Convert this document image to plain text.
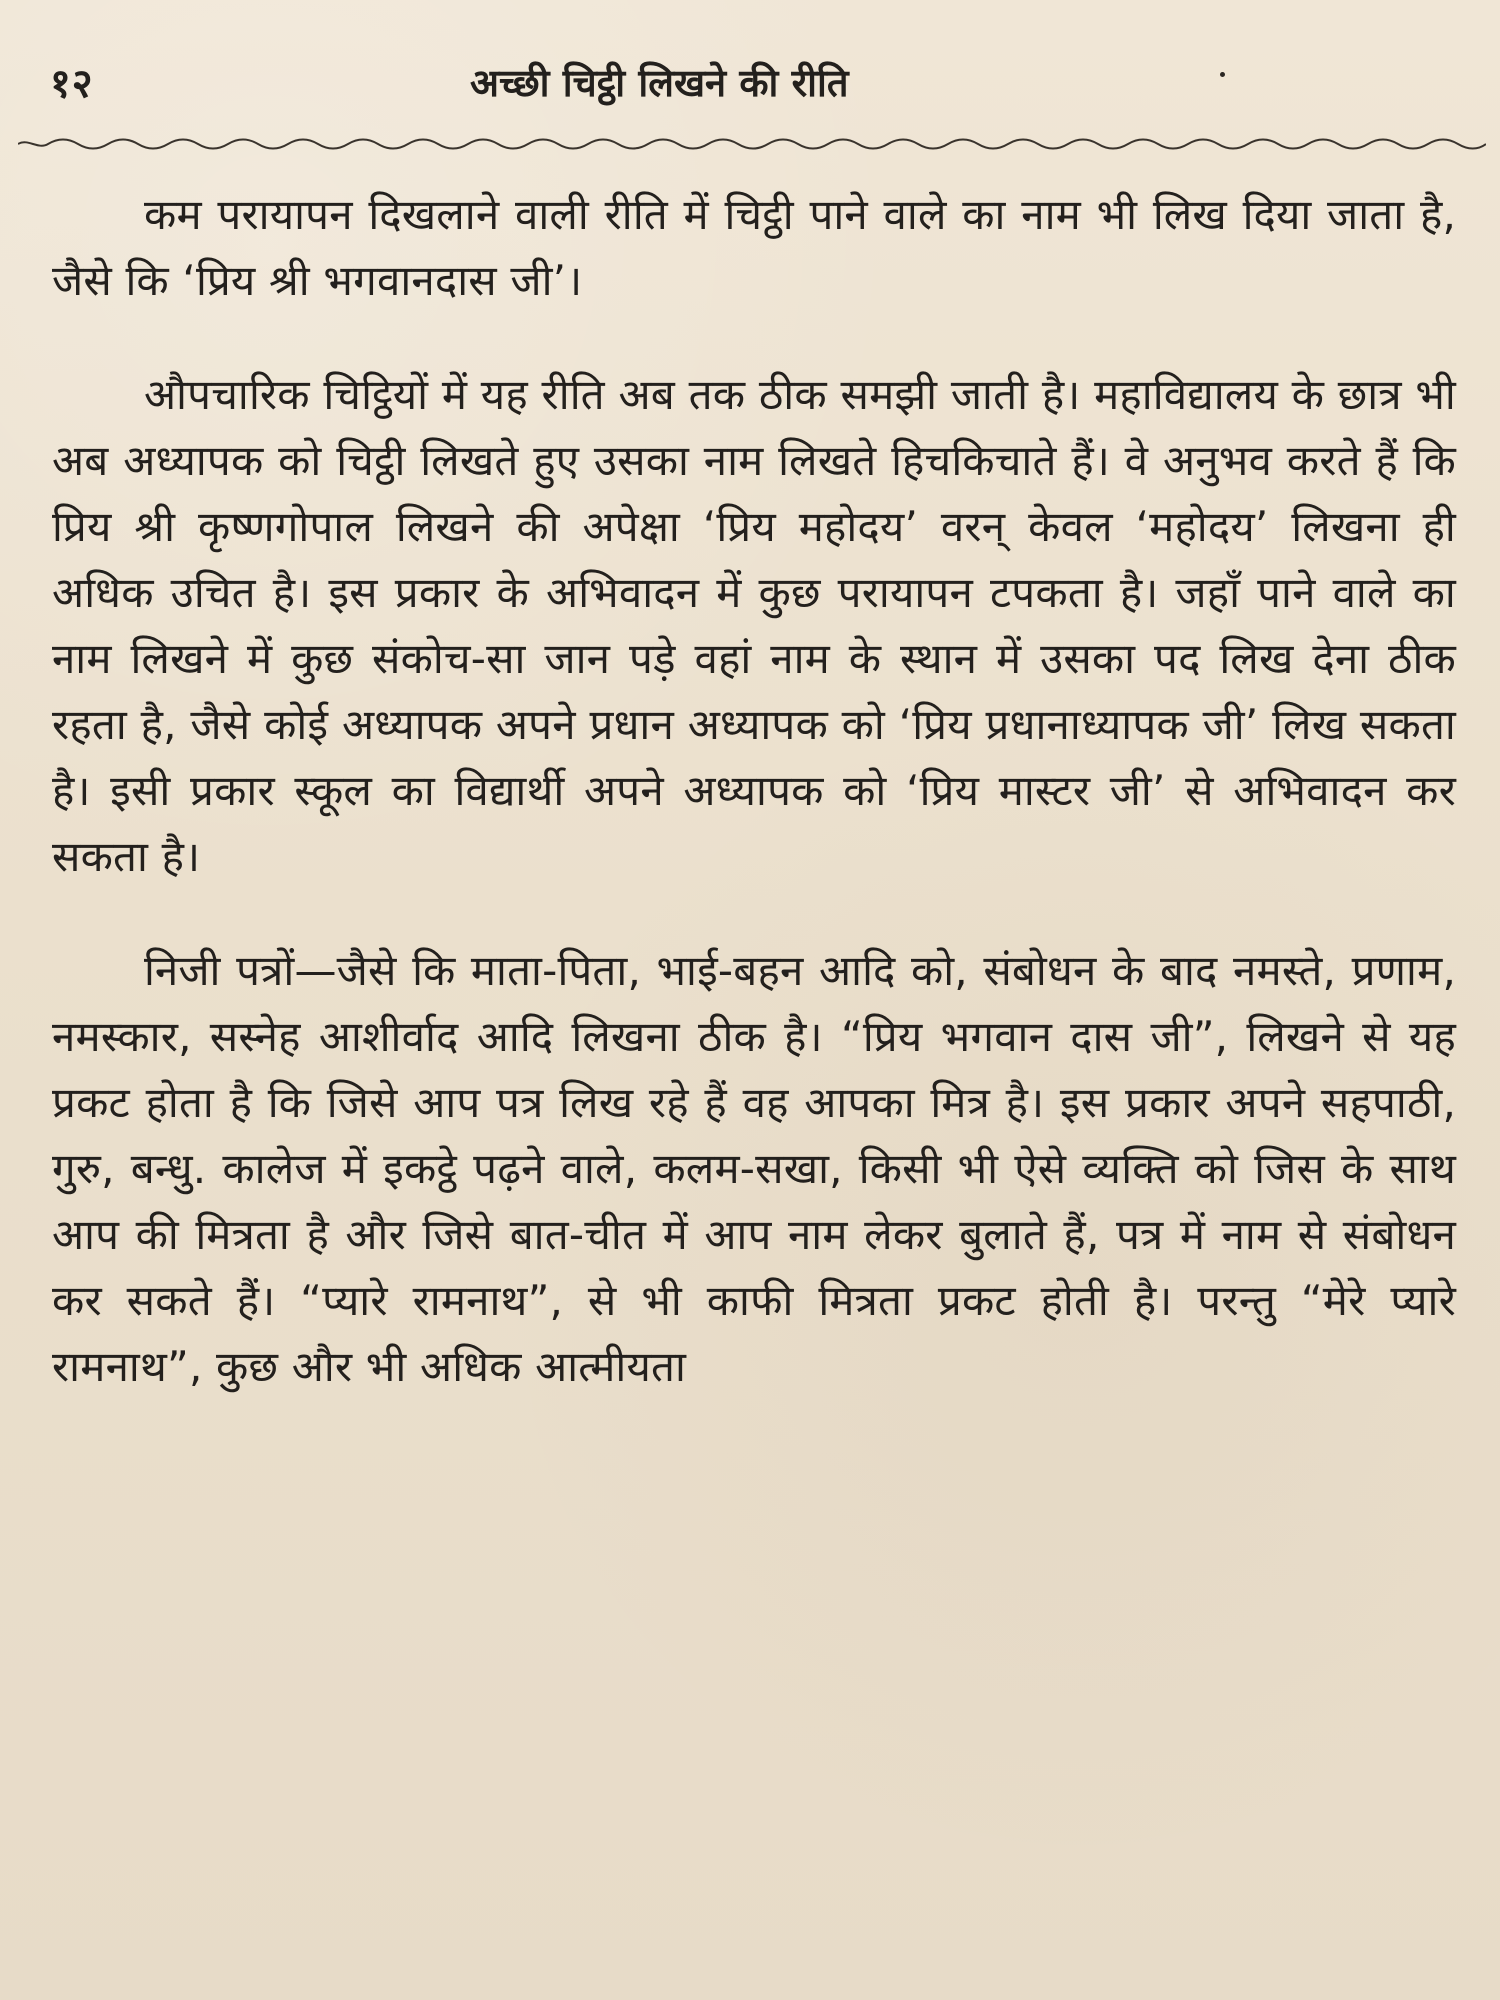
१२	अच्छी चिट्ठी लिखने की रीति

कम परायापन दिखलाने वाली रीति में चिट्ठी पाने वाले का नाम भी लिख दिया जाता है, जैसे कि ‘प्रिय श्री भगवानदास जी’।

औपचारिक चिट्ठियों में यह रीति अब तक ठीक समझी जाती है। महाविद्यालय के छात्र भी अब अध्यापक को चिट्ठी लिखते हुए उसका नाम लिखते हिचकिचाते हैं। वे अनुभव करते हैं कि प्रिय श्री कृष्णगोपाल लिखने की अपेक्षा ‘प्रिय महोदय’ वरन् केवल ‘महोदय’ लिखना ही अधिक उचित है। इस प्रकार के अभिवादन में कुछ परायापन टपकता है। जहाँ पाने वाले का नाम लिखने में कुछ संकोच-सा जान पड़े वहां नाम के स्थान में उसका पद लिख देना ठीक रहता है, जैसे कोई अध्यापक अपने प्रधान अध्यापक को ‘प्रिय प्रधानाध्यापक जी’ लिख सकता है। इसी प्रकार स्कूल का विद्यार्थी अपने अध्यापक को ‘प्रिय मास्टर जी’ से अभिवादन कर सकता है।

निजी पत्रों—जैसे कि माता-पिता, भाई-बहन आदि को, संबोधन के बाद नमस्ते, प्रणाम, नमस्कार, सस्नेह आशीर्वाद आदि लिखना ठीक है। “प्रिय भगवान दास जी”, लिखने से यह प्रकट होता है कि जिसे आप पत्र लिख रहे हैं वह आपका मित्र है। इस प्रकार अपने सहपाठी, गुरु, बन्धु. कालेज में इकट्ठे पढ़ने वाले, कलम-सखा, किसी भी ऐसे व्यक्ति को जिस के साथ आप की मित्रता है और जिसे बात-चीत में आप नाम लेकर बुलाते हैं, पत्र में नाम से संबोधन कर सकते हैं। “प्यारे रामनाथ”, से भी काफी मित्रता प्रकट होती है। परन्तु “मेरे प्यारे रामनाथ”, कुछ और भी अधिक आत्मीयता
